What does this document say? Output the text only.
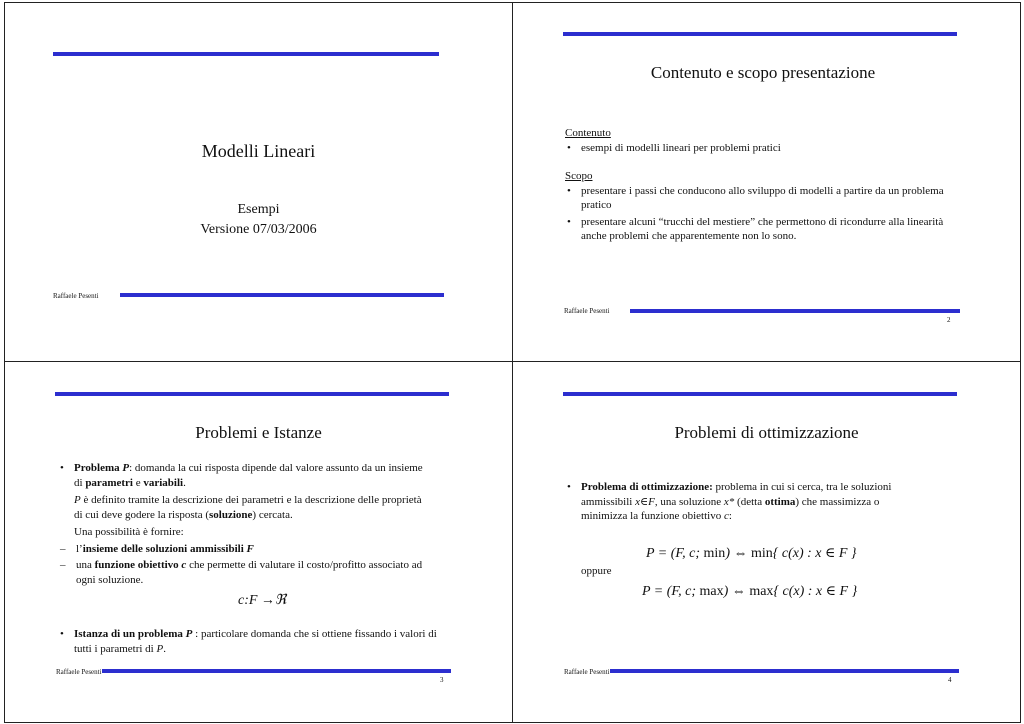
Modelli Lineari
Esempi
Versione 07/03/2006
Raffaele Pesenti
Contenuto e scopo presentazione
Contenuto
• esempi di modelli lineari per problemi pratici
Scopo
• presentare i passi che conducono allo sviluppo di modelli a partire da un problema pratico
• presentare alcuni “trucchi del mestiere” che permettono di ricondurre alla linearità anche problemi che apparentemente non lo sono.
Raffaele Pesenti
2
Problemi e Istanze
• Problema P: domanda la cui risposta dipende dal valore assunto da un insieme di parametri e variabili.
P è definito tramite la descrizione dei parametri e la descrizione delle proprietà di cui deve godere la risposta (soluzione) cercata.
Una possibilità è fornire:
– l’insieme delle soluzioni ammissibili F
– una funzione obiettivo c che permette di valutare il costo/profitto associato ad ogni soluzione.
c:F →ℜ
• Istanza di un problema P : particolare domanda che si ottiene fissando i valori di tutti i parametri di P.
Raffaele Pesenti
3
Problemi di ottimizzazione
• Problema di ottimizzazione: problema in cui si cerca, tra le soluzioni ammissibili x∈F, una soluzione x* (detta ottima) che massimizza o minimizza la funzione obiettivo c:
P = (F, c; min) ⇔ min{ c(x) : x ∈ F }
oppure
P = (F, c; max) ⇔ max{ c(x) : x ∈ F }
Raffaele Pesenti
4
